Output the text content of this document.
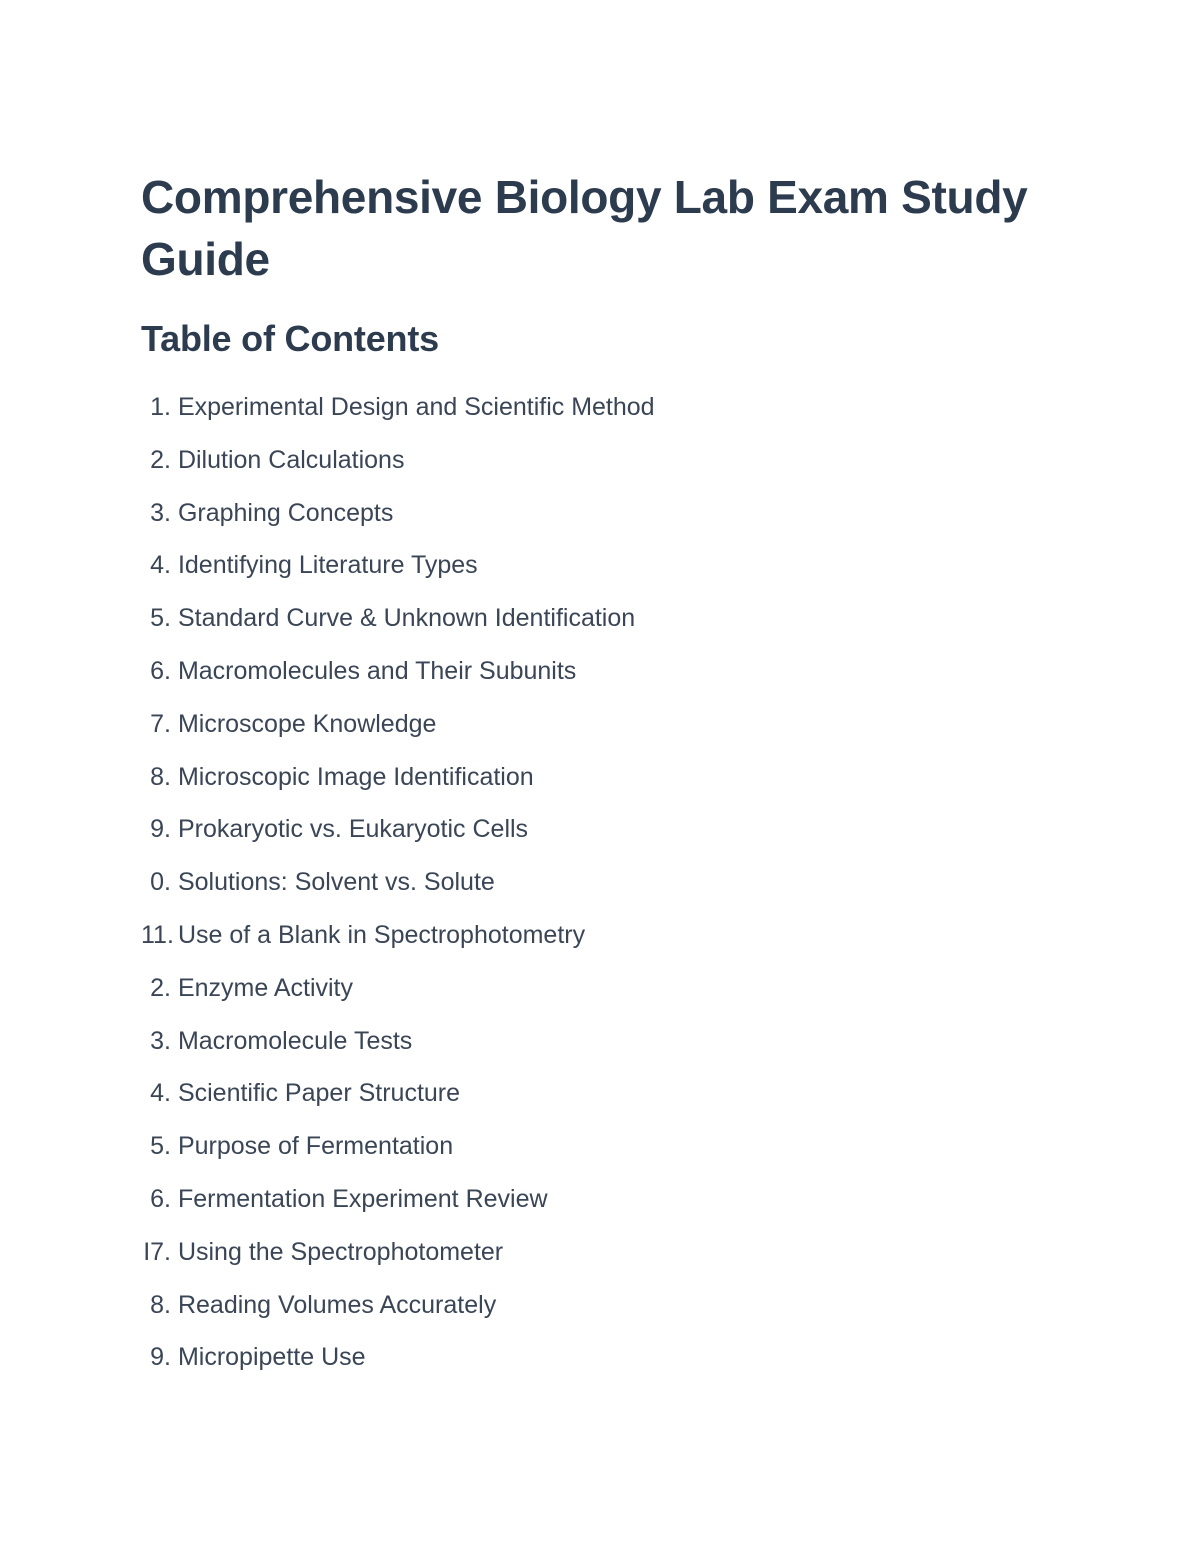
Comprehensive Biology Lab Exam Study Guide
Table of Contents
1. Experimental Design and Scientific Method
2. Dilution Calculations
3. Graphing Concepts
4. Identifying Literature Types
5. Standard Curve & Unknown Identification
6. Macromolecules and Their Subunits
7. Microscope Knowledge
8. Microscopic Image Identification
9. Prokaryotic vs. Eukaryotic Cells
0. Solutions: Solvent vs. Solute
11. Use of a Blank in Spectrophotometry
2. Enzyme Activity
3. Macromolecule Tests
4. Scientific Paper Structure
5. Purpose of Fermentation
6. Fermentation Experiment Review
I7. Using the Spectrophotometer
8. Reading Volumes Accurately
9. Micropipette Use
